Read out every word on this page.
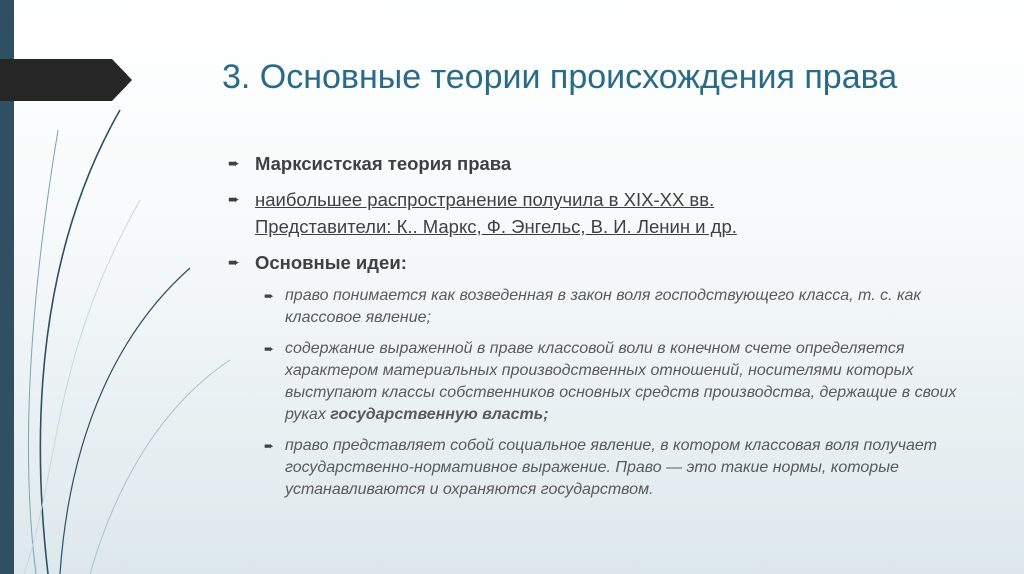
3. Основные теории происхождения права
➨ Марксистская теория права
➨ наибольшее распространение получила в XIX-XX вв.
Представители: К.. Маркс, Ф. Энгельс, В. И. Ленин и др.
➨ Основные идеи:
➨ право понимается как возведенная в закон воля господствующего класса, т. с. как классовое явление;
➨ содержание выраженной в праве классовой воли в конечном счете определяется характером материальных производственных отношений, носителями которых выступают классы собственников основных средств производства, держащие в своих руках государственную власть;
➨ право представляет собой социальное явление, в котором классовая воля получает государственно-нормативное выражение. Право — это такие нормы, которые устанавливаются и охраняются государством.
